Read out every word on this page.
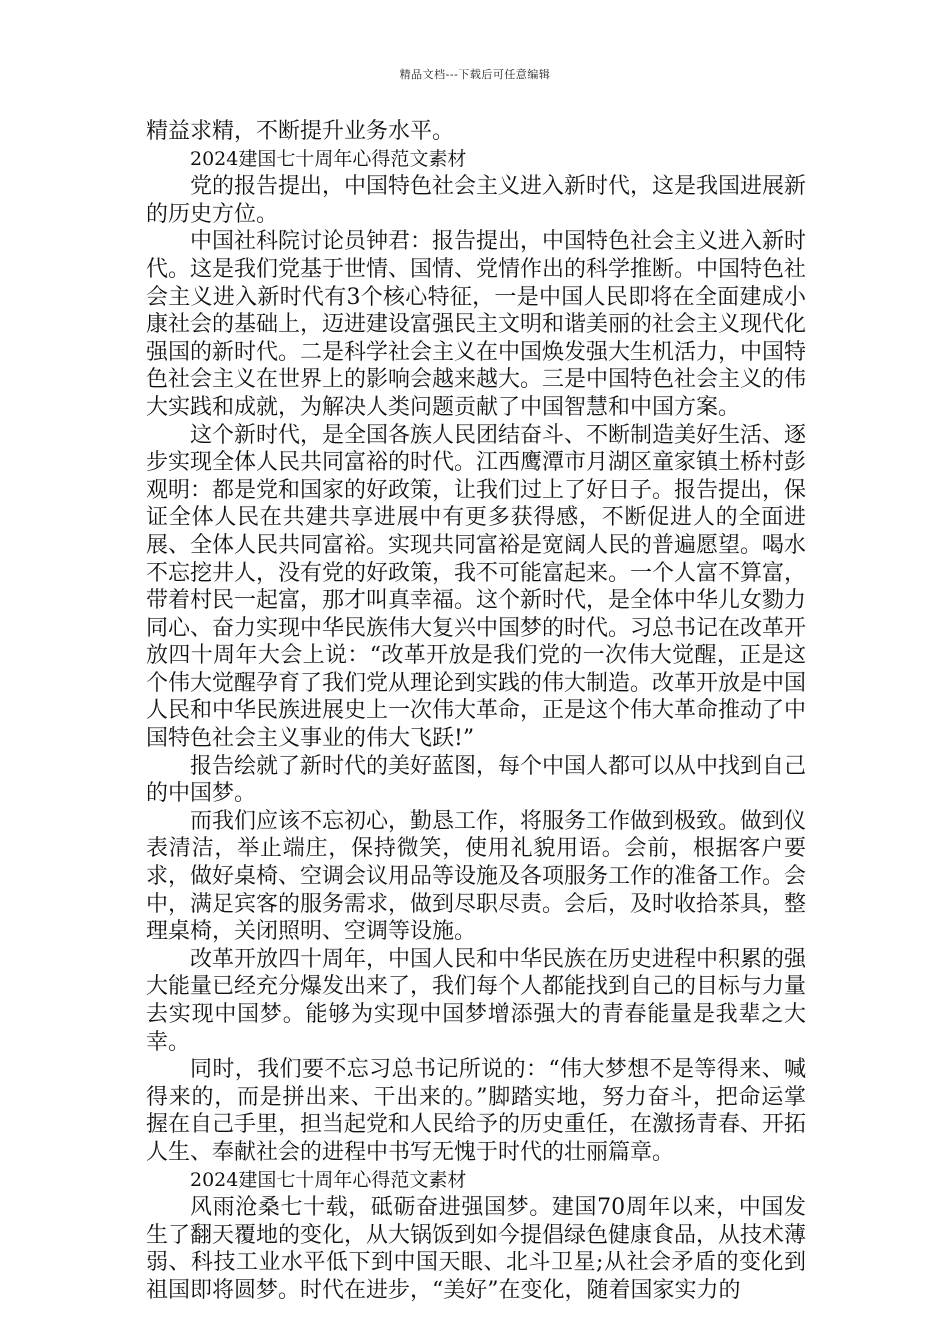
精品文档---下载后可任意编辑

精益求精，不断提升业务水平。

2024建国七十周年心得范文素材

党的报告提出，中国特色社会主义进入新时代，这是我国进展新的历史方位。

中国社科院讨论员钟君：报告提出，中国特色社会主义进入新时代。这是我们党基于世情、国情、党情作出的科学推断。中国特色社会主义进入新时代有3个核心特征，一是中国人民即将在全面建成小康社会的基础上，迈进建设富强民主文明和谐美丽的社会主义现代化强国的新时代。二是科学社会主义在中国焕发强大生机活力，中国特色社会主义在世界上的影响会越来越大。三是中国特色社会主义的伟大实践和成就，为解决人类问题贡献了中国智慧和中国方案。

这个新时代，是全国各族人民团结奋斗、不断制造美好生活、逐步实现全体人民共同富裕的时代。江西鹰潭市月湖区童家镇土桥村彭观明：都是党和国家的好政策，让我们过上了好日子。报告提出，保证全体人民在共建共享进展中有更多获得感，不断促进人的全面进展、全体人民共同富裕。实现共同富裕是宽阔人民的普遍愿望。喝水不忘挖井人，没有党的好政策，我不可能富起来。一个人富不算富，带着村民一起富，那才叫真幸福。这个新时代，是全体中华儿女勠力同心、奋力实现中华民族伟大复兴中国梦的时代。习总书记在改革开放四十周年大会上说：“改革开放是我们党的一次伟大觉醒，正是这个伟大觉醒孕育了我们党从理论到实践的伟大制造。改革开放是中国人民和中华民族进展史上一次伟大革命，正是这个伟大革命推动了中国特色社会主义事业的伟大飞跃!”

报告绘就了新时代的美好蓝图，每个中国人都可以从中找到自己的中国梦。

而我们应该不忘初心，勤恳工作，将服务工作做到极致。做到仪表清洁，举止端庄，保持微笑，使用礼貌用语。会前，根据客户要求，做好桌椅、空调会议用品等设施及各项服务工作的准备工作。会中，满足宾客的服务需求，做到尽职尽责。会后，及时收拾茶具，整理桌椅，关闭照明、空调等设施。

改革开放四十周年，中国人民和中华民族在历史进程中积累的强大能量已经充分爆发出来了，我们每个人都能找到自己的目标与力量去实现中国梦。能够为实现中国梦增添强大的青春能量是我辈之大幸。

同时，我们要不忘习总书记所说的：“伟大梦想不是等得来、喊得来的，而是拼出来、干出来的。”脚踏实地，努力奋斗，把命运掌握在自己手里，担当起党和人民给予的历史重任，在激扬青春、开拓人生、奉献社会的进程中书写无愧于时代的壮丽篇章。

2024建国七十周年心得范文素材

风雨沧桑七十载，砥砺奋进强国梦。建国70周年以来，中国发生了翻天覆地的变化，从大锅饭到如今提倡绿色健康食品，从技术薄弱、科技工业水平低下到中国天眼、北斗卫星;从社会矛盾的变化到祖国即将圆梦。时代在进步，“美好”在变化，随着国家实力的
